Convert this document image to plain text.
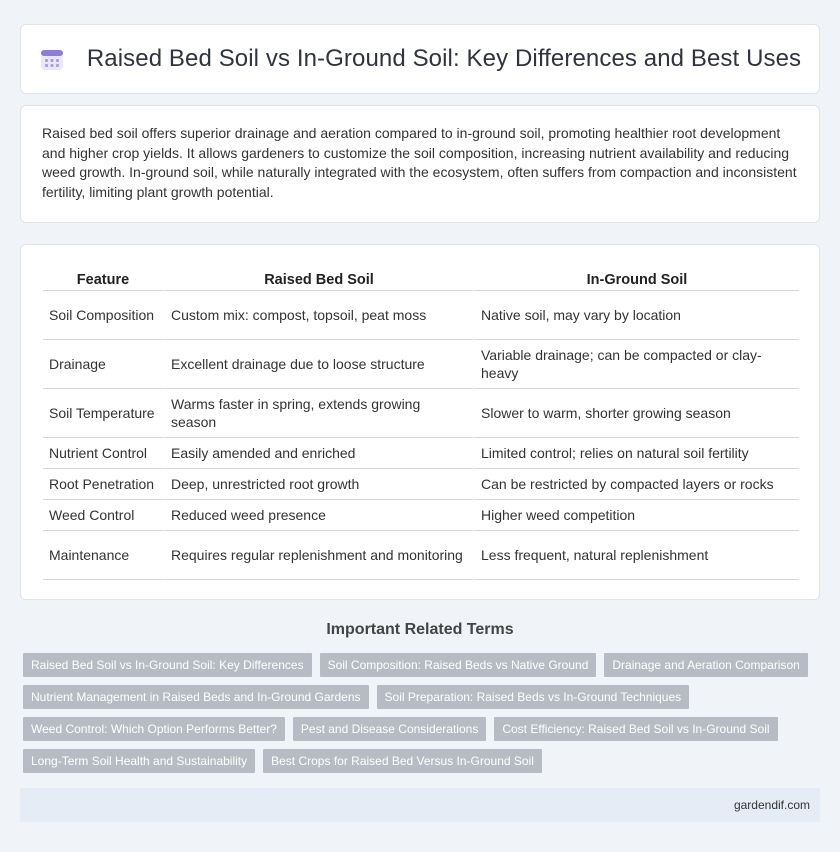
Raised Bed Soil vs In-Ground Soil: Key Differences and Best Uses

Raised bed soil offers superior drainage and aeration compared to in-ground soil, promoting healthier root development and higher crop yields. It allows gardeners to customize the soil composition, increasing nutrient availability and reducing weed growth. In-ground soil, while naturally integrated with the ecosystem, often suffers from compaction and inconsistent fertility, limiting plant growth potential.

Feature	Raised Bed Soil	In-Ground Soil
Soil Composition	Custom mix: compost, topsoil, peat moss	Native soil, may vary by location
Drainage	Excellent drainage due to loose structure	Variable drainage; can be compacted or clay-heavy
Soil Temperature	Warms faster in spring, extends growing season	Slower to warm, shorter growing season
Nutrient Control	Easily amended and enriched	Limited control; relies on natural soil fertility
Root Penetration	Deep, unrestricted root growth	Can be restricted by compacted layers or rocks
Weed Control	Reduced weed presence	Higher weed competition
Maintenance	Requires regular replenishment and monitoring	Less frequent, natural replenishment
Important Related Terms
Raised Bed Soil vs In-Ground Soil: Key Differences	Soil Composition: Raised Beds vs Native Ground	Drainage and Aeration Comparison
Nutrient Management in Raised Beds and In-Ground Gardens	Soil Preparation: Raised Beds vs In-Ground Techniques
Weed Control: Which Option Performs Better?	Pest and Disease Considerations	Cost Efficiency: Raised Bed Soil vs In-Ground Soil
Long-Term Soil Health and Sustainability	Best Crops for Raised Bed Versus In-Ground Soil
gardendif.com
